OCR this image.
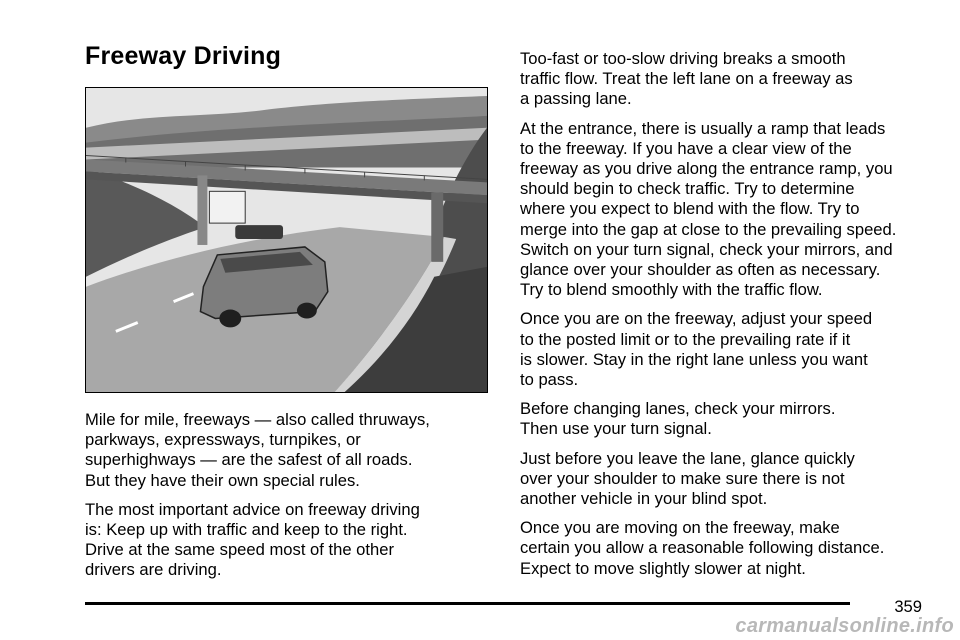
Freeway Driving

Mile for mile, freeways — also called thruways,
parkways, expressways, turnpikes, or
superhighways — are the safest of all roads.
But they have their own special rules.

The most important advice on freeway driving
is: Keep up with traffic and keep to the right.
Drive at the same speed most of the other
drivers are driving.

Too-fast or too-slow driving breaks a smooth
traffic flow. Treat the left lane on a freeway as
a passing lane.

At the entrance, there is usually a ramp that leads
to the freeway. If you have a clear view of the
freeway as you drive along the entrance ramp, you
should begin to check traffic. Try to determine
where you expect to blend with the flow. Try to
merge into the gap at close to the prevailing speed.
Switch on your turn signal, check your mirrors, and
glance over your shoulder as often as necessary.
Try to blend smoothly with the traffic flow.

Once you are on the freeway, adjust your speed
to the posted limit or to the prevailing rate if it
is slower. Stay in the right lane unless you want
to pass.

Before changing lanes, check your mirrors.
Then use your turn signal.

Just before you leave the lane, glance quickly
over your shoulder to make sure there is not
another vehicle in your blind spot.

Once you are moving on the freeway, make
certain you allow a reasonable following distance.
Expect to move slightly slower at night.

359
carmanualsonline.info
